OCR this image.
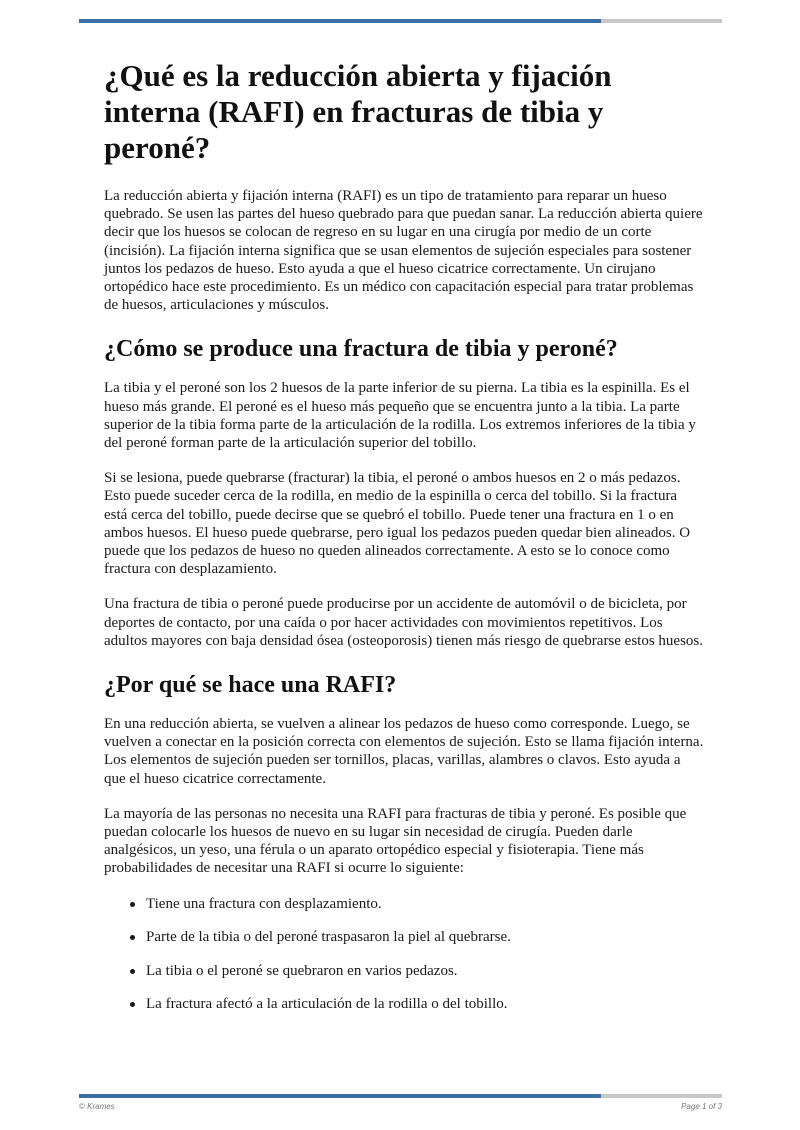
¿Qué es la reducción abierta y fijación interna (RAFI) en fracturas de tibia y peroné?

La reducción abierta y fijación interna (RAFI) es un tipo de tratamiento para reparar un hueso quebrado. Se usen las partes del hueso quebrado para que puedan sanar. La reducción abierta quiere decir que los huesos se colocan de regreso en su lugar en una cirugía por medio de un corte (incisión). La fijación interna significa que se usan elementos de sujeción especiales para sostener juntos los pedazos de hueso. Esto ayuda a que el hueso cicatrice correctamente. Un cirujano ortopédico hace este procedimiento. Es un médico con capacitación especial para tratar problemas de huesos, articulaciones y músculos.

¿Cómo se produce una fractura de tibia y peroné?

La tibia y el peroné son los 2 huesos de la parte inferior de su pierna. La tibia es la espinilla. Es el hueso más grande. El peroné es el hueso más pequeño que se encuentra junto a la tibia. La parte superior de la tibia forma parte de la articulación de la rodilla. Los extremos inferiores de la tibia y del peroné forman parte de la articulación superior del tobillo.

Si se lesiona, puede quebrarse (fracturar) la tibia, el peroné o ambos huesos en 2 o más pedazos. Esto puede suceder cerca de la rodilla, en medio de la espinilla o cerca del tobillo. Si la fractura está cerca del tobillo, puede decirse que se quebró el tobillo. Puede tener una fractura en 1 o en ambos huesos. El hueso puede quebrarse, pero igual los pedazos pueden quedar bien alineados. O puede que los pedazos de hueso no queden alineados correctamente. A esto se lo conoce como fractura con desplazamiento.

Una fractura de tibia o peroné puede producirse por un accidente de automóvil o de bicicleta, por deportes de contacto, por una caída o por hacer actividades con movimientos repetitivos. Los adultos mayores con baja densidad ósea (osteoporosis) tienen más riesgo de quebrarse estos huesos.

¿Por qué se hace una RAFI?

En una reducción abierta, se vuelven a alinear los pedazos de hueso como corresponde. Luego, se vuelven a conectar en la posición correcta con elementos de sujeción. Esto se llama fijación interna. Los elementos de sujeción pueden ser tornillos, placas, varillas, alambres o clavos. Esto ayuda a que el hueso cicatrice correctamente.

La mayoría de las personas no necesita una RAFI para fracturas de tibia y peroné. Es posible que puedan colocarle los huesos de nuevo en su lugar sin necesidad de cirugía. Pueden darle analgésicos, un yeso, una férula o un aparato ortopédico especial y fisioterapia. Tiene más probabilidades de necesitar una RAFI si ocurre lo siguiente:

Tiene una fractura con desplazamiento.
Parte de la tibia o del peroné traspasaron la piel al quebrarse.
La tibia o el peroné se quebraron en varios pedazos.
La fractura afectó a la articulación de la rodilla o del tobillo.
© Krames	Page 1 of 3
